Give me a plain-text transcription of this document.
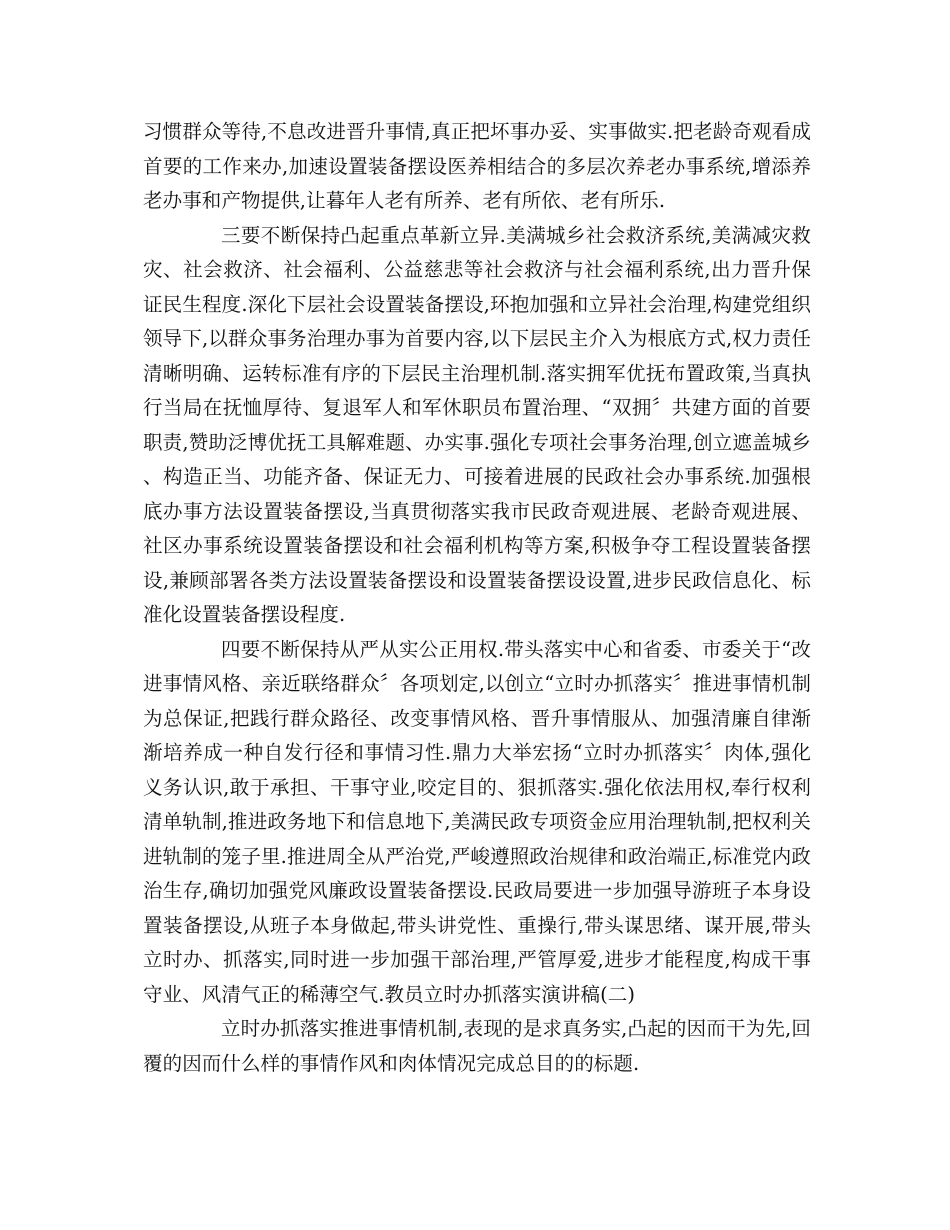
习惯群众等待,不息改进晋升事情,真正把坏事办妥、实事做实.把老龄奇观看成首要的工作来办,加速设置装备摆设医养相结合的多层次养老办事系统,增添养老办事和产物提供,让暮年人老有所养、老有所依、老有所乐.

三要不断保持凸起重点革新立异.美满城乡社会救济系统,美满减灾救灾、社会救济、社会福利、公益慈悲等社会救济与社会福利系统,出力晋升保证民生程度.深化下层社会设置装备摆设,环抱加强和立异社会治理,构建党组织领导下,以群众事务治理办事为首要内容,以下层民主介入为根底方式,权力责任清晰明确、运转标准有序的下层民主治理机制.落实拥军优抚布置政策,当真执行当局在抚恤厚待、复退军人和军休职员布置治理、“双拥〞共建方面的首要职责,赞助泛博优抚工具解难题、办实事.强化专项社会事务治理,创立遮盖城乡、构造正当、功能齐备、保证无力、可接着进展的民政社会办事系统.加强根底办事方法设置装备摆设,当真贯彻落实我市民政奇观进展、老龄奇观进展、社区办事系统设置装备摆设和社会福利机构等方案,积极争夺工程设置装备摆设,兼顾部署各类方法设置装备摆设和设置装备摆设设置,进步民政信息化、标准化设置装备摆设程度.

四要不断保持从严从实公正用权.带头落实中心和省委、市委关于“改进事情风格、亲近联络群众〞各项划定,以创立“立时办抓落实〞推进事情机制为总保证,把践行群众路径、改变事情风格、晋升事情服从、加强清廉自律渐渐培养成一种自发行径和事情习性.鼎力大举宏扬“立时办抓落实〞肉体,强化义务认识,敢于承担、干事守业,咬定目的、狠抓落实.强化依法用权,奉行权利清单轨制,推进政务地下和信息地下,美满民政专项资金应用治理轨制,把权利关进轨制的笼子里.推进周全从严治党,严峻遵照政治规律和政治端正,标准党内政治生存,确切加强党风廉政设置装备摆设.民政局要进一步加强导游班子本身设置装备摆设,从班子本身做起,带头讲党性、重操行,带头谋思绪、谋开展,带头立时办、抓落实,同时进一步加强干部治理,严管厚爱,进步才能程度,构成干事守业、风清气正的稀薄空气.教员立时办抓落实演讲稿(二)

立时办抓落实推进事情机制,表现的是求真务实,凸起的因而干为先,回覆的因而什么样的事情作风和肉体情况完成总目的的标题.
